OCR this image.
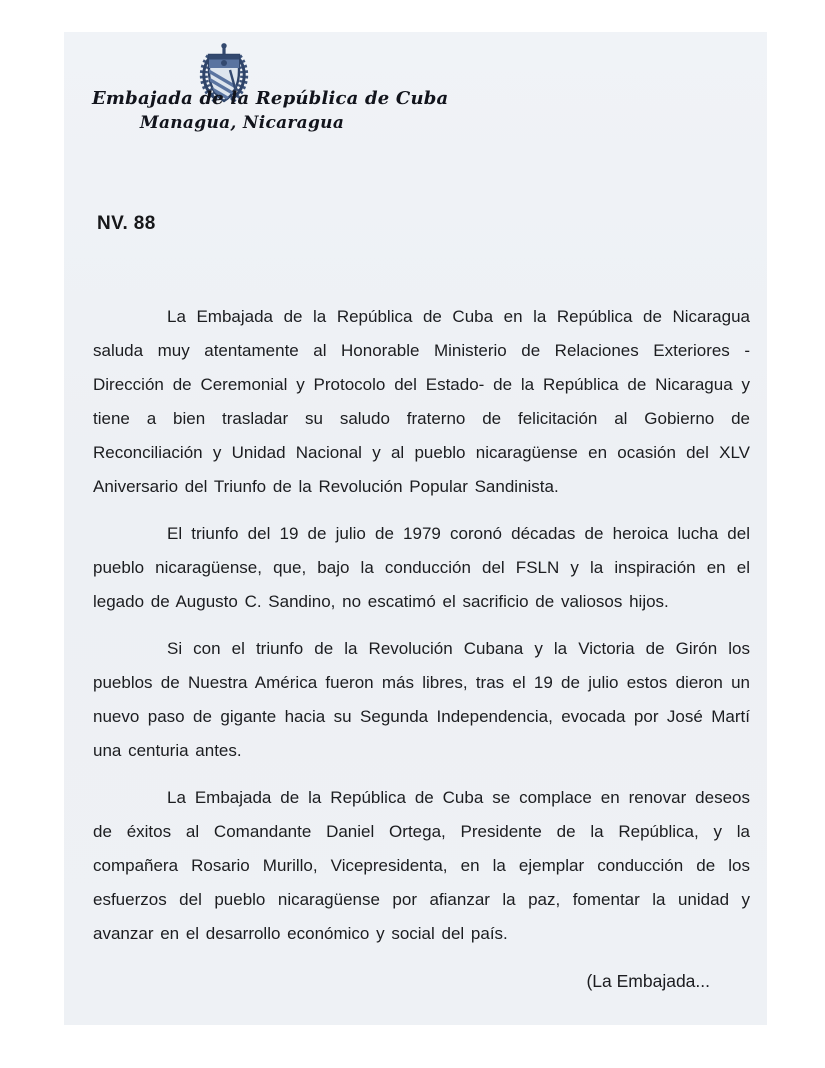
Embajada de la República de Cuba
Managua, Nicaragua
NV. 88

La Embajada de la República de Cuba en la República de Nicaragua saluda muy atentamente al Honorable Ministerio de Relaciones Exteriores -Dirección de Ceremonial y Protocolo del Estado- de la República de Nicaragua y tiene a bien trasladar su saludo fraterno de felicitación al Gobierno de Reconciliación y Unidad Nacional y al pueblo nicaragüense en ocasión del XLV Aniversario del Triunfo de la Revolución Popular Sandinista.

El triunfo del 19 de julio de 1979 coronó décadas de heroica lucha del pueblo nicaragüense, que, bajo la conducción del FSLN y la inspiración en el legado de Augusto C. Sandino, no escatimó el sacrificio de valiosos hijos.

Si con el triunfo de la Revolución Cubana y la Victoria de Girón los pueblos de Nuestra América fueron más libres, tras el 19 de julio estos dieron un nuevo paso de gigante hacia su Segunda Independencia, evocada por José Martí una centuria antes.

La Embajada de la República de Cuba se complace en renovar deseos de éxitos al Comandante Daniel Ortega, Presidente de la República, y la compañera Rosario Murillo, Vicepresidenta, en la ejemplar conducción de los esfuerzos del pueblo nicaragüense por afianzar la paz, fomentar la unidad y avanzar en el desarrollo económico y social del país.

(La Embajada...
